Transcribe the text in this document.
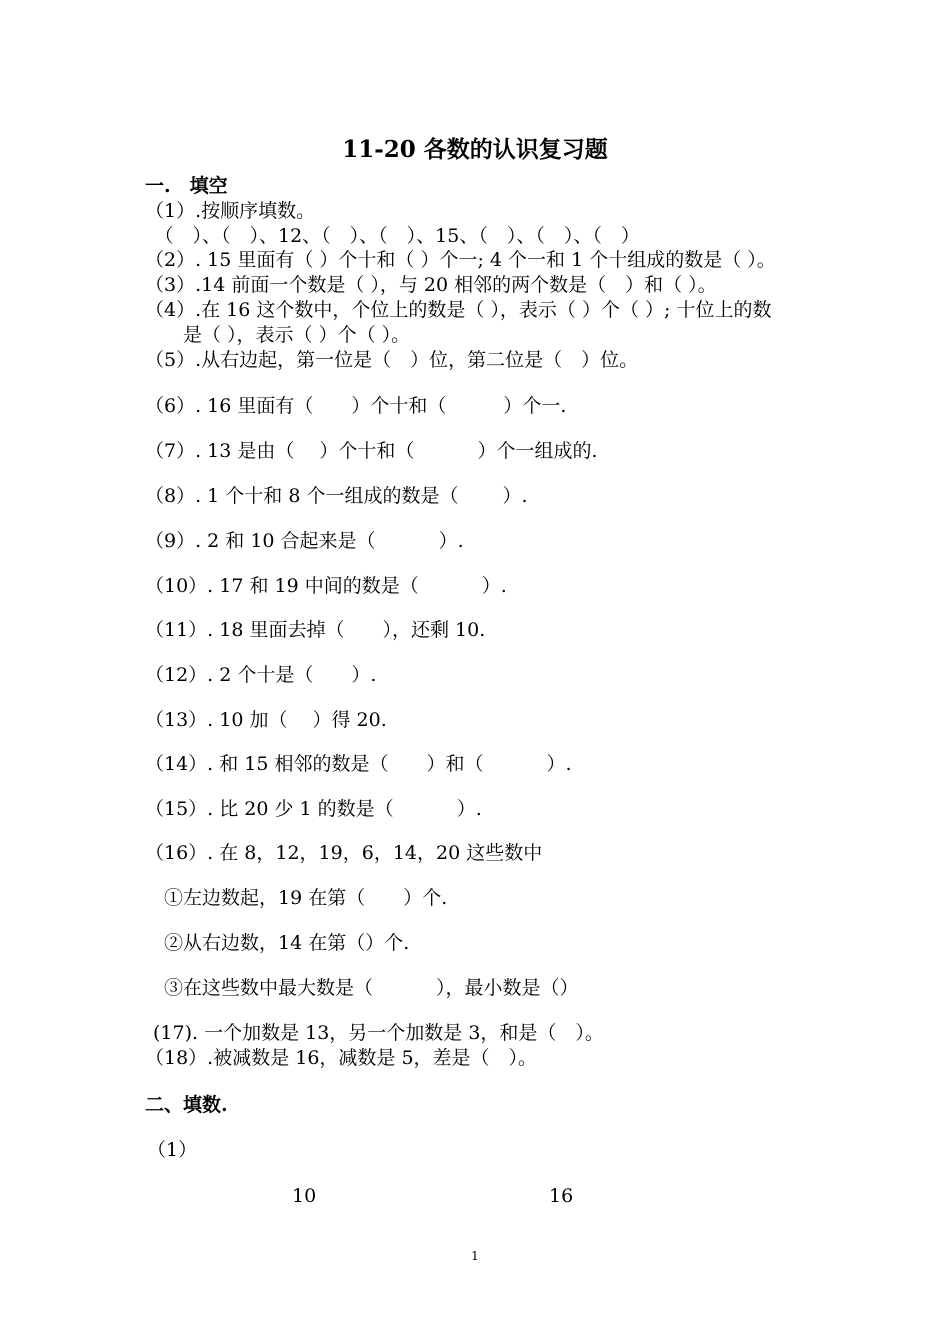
11-20 各数的认识复习题
一.　填空
（1）.按顺序填数。
　（　）、（　）、12、（　）、（　）、15、（　）、（　）、（　）
（2）. 15 里面有（ ）个十和（ ）个一; 4 个一和 1 个十组成的数是（ ）。
（3）.14 前面一个数是（ ），与 20 相邻的两个数是（　）和（ ）。
（4）.在 16 这个数中，个位上的数是（ ），表示（ ）个（ ）; 十位上的数
　　是（ ），表示（ ）个（ ）。
（5）.从右边起，第一位是（　）位，第二位是（　）位。
（6）. 16 里面有（　　）个十和（　　　）个一.
（7）. 13 是由（　 ）个十和（　　　 ）个一组成的.
（8）. 1 个十和 8 个一组成的数是（　　 ）.
（9）. 2 和 10 合起来是（　　　 ）.
（10）. 17 和 19 中间的数是（　　　 ）.
（11）. 18 里面去掉（　　），还剩 10.
（12）. 2 个十是（　　）.
（13）. 10 加（　 ）得 20.
（14）. 和 15 相邻的数是（　　）和（　　　 ）.
（15）. 比 20 少 1 的数是（　　　 ）.
（16）. 在 8，12，19，6，14，20 这些数中
　①左边数起，19 在第（　　）个.
　②从右边数，14 在第（）个.
　③在这些数中最大数是（　　　 ），最小数是（）
(17). 一个加数是 13，另一个加数是 3，和是（　）。
（18）.被减数是 16，减数是 5，差是（　）。
二、填数.
（1）
10	16
1
